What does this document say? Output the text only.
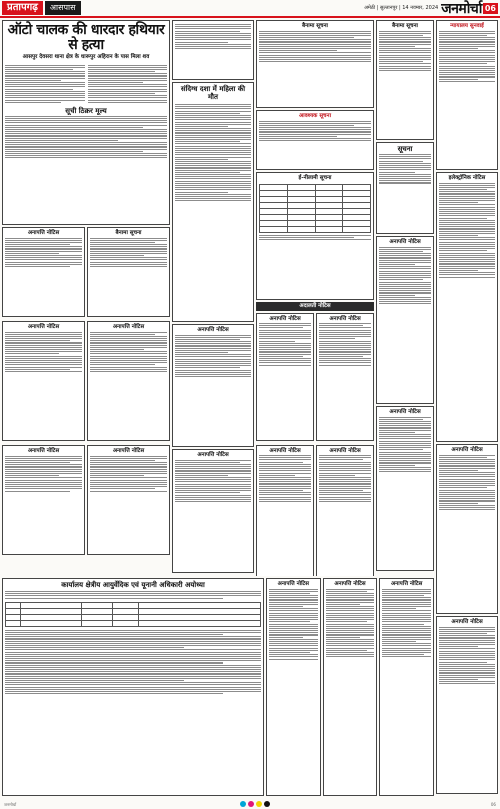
प्रतापगढ़	आसपास	अमेठी | सुल्तानपुर | 14 नवम्बर, 2024 जनमोर्चा 06
ऑटो चालक की धारदार हथियार से हत्या
आसपुर देवसरा थाना क्षेत्र के धारूपुर अहिरान के पास मिला शव
सूची ठिक्रर मूल्य
अनापत्ति नोटिस	बैनामा सूचना
अनापत्ति नोटिस	अनापत्ति नोटिस
अनापत्ति नोटिस	अनापत्ति नोटिस
संदिग्ध दशा में महिला की मौत
अनापत्ति नोटिस
अनापत्ति नोटिस
बैनामा सूचना
आवश्यक सूचना
ई-नीलामी सूचना

अदालती नोटिस
अनापत्ति नोटिस	अनापत्ति नोटिस
अनापत्ति नोटिस	अनापत्ति नोटिस
बैनामा सूचना
सूचना
अनापत्ति नोटिस
अनापत्ति नोटिस
न्यायालय सुनवाई
इलेक्ट्रॉनिक नोटिस
अनापत्ति नोटिस
अनापत्ति नोटिस
कार्यालय क्षेत्रीय आयुर्वेदिक एवं यूनानी अधिकारी अयोध्या

					अनापत्ति नोटिस	अनापत्ति नोटिस	अनापत्ति नोटिस
जनमोर्चा	06
